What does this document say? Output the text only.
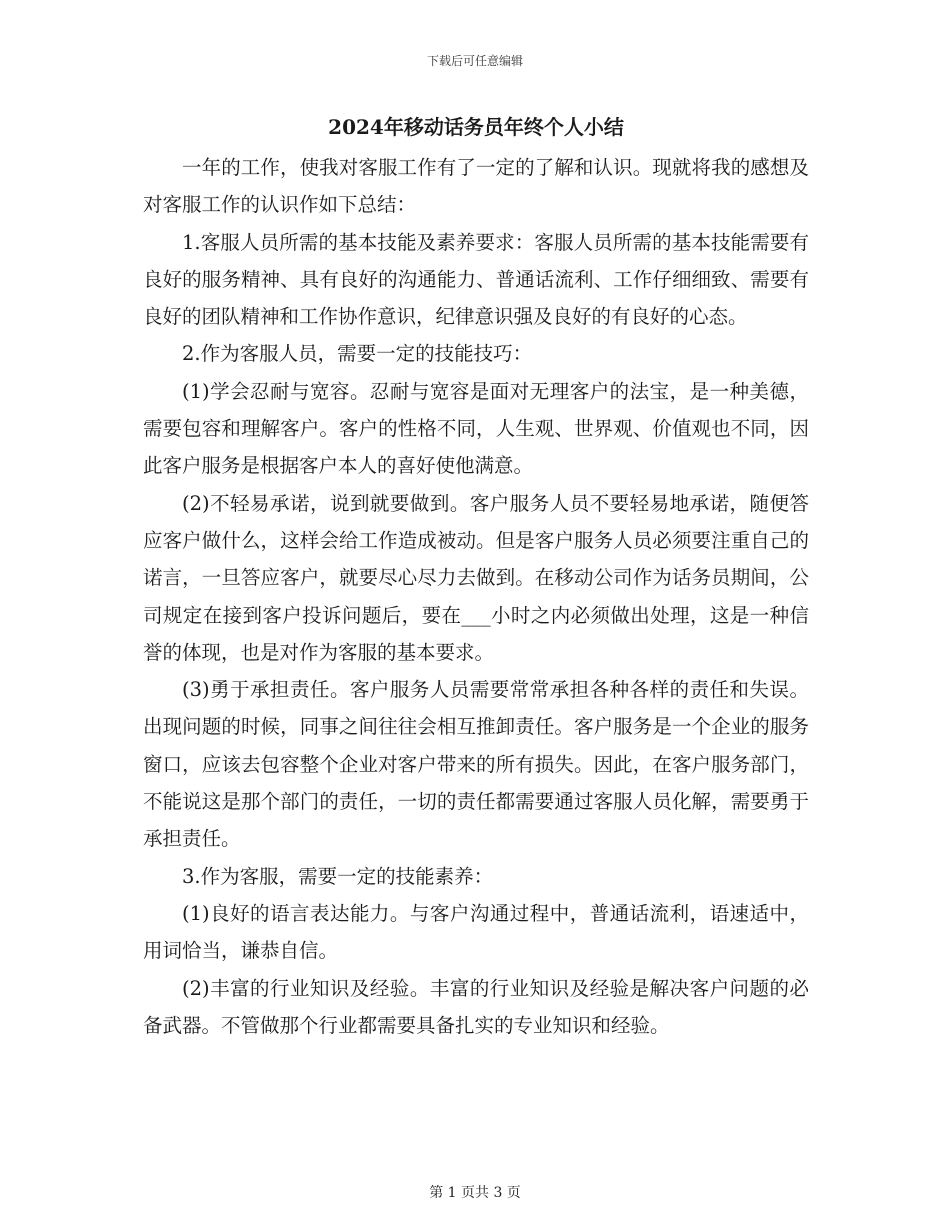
下载后可任意编辑
2024年移动话务员年终个人小结

一年的工作，使我对客服工作有了一定的了解和认识。现就将我的感想及对客服工作的认识作如下总结：

1.客服人员所需的基本技能及素养要求：客服人员所需的基本技能需要有良好的服务精神、具有良好的沟通能力、普通话流利、工作仔细细致、需要有良好的团队精神和工作协作意识，纪律意识强及良好的有良好的心态。

2.作为客服人员，需要一定的技能技巧：

(1)学会忍耐与宽容。忍耐与宽容是面对无理客户的法宝，是一种美德，需要包容和理解客户。客户的性格不同，人生观、世界观、价值观也不同，因此客户服务是根据客户本人的喜好使他满意。

(2)不轻易承诺，说到就要做到。客户服务人员不要轻易地承诺，随便答应客户做什么，这样会给工作造成被动。但是客户服务人员必须要注重自己的诺言，一旦答应客户，就要尽心尽力去做到。在移动公司作为话务员期间，公司规定在接到客户投诉问题后，要在___小时之内必须做出处理，这是一种信誉的体现，也是对作为客服的基本要求。

(3)勇于承担责任。客户服务人员需要常常承担各种各样的责任和失误。出现问题的时候，同事之间往往会相互推卸责任。客户服务是一个企业的服务窗口，应该去包容整个企业对客户带来的所有损失。因此，在客户服务部门，不能说这是那个部门的责任，一切的责任都需要通过客服人员化解，需要勇于承担责任。

3.作为客服，需要一定的技能素养：

(1)良好的语言表达能力。与客户沟通过程中，普通话流利，语速适中，用词恰当，谦恭自信。

(2)丰富的行业知识及经验。丰富的行业知识及经验是解决客户问题的必备武器。不管做那个行业都需要具备扎实的专业知识和经验。

第 1 页共 3 页
